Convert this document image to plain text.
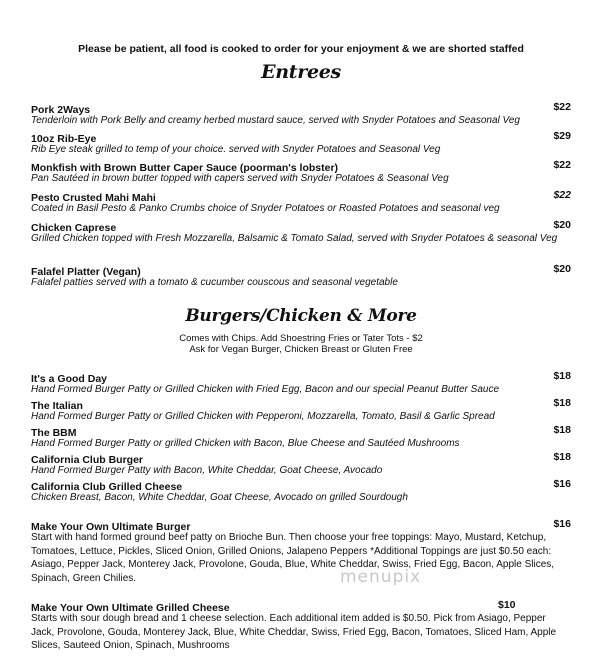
Please be patient, all food is cooked to order for your enjoyment & we are shorted staffed
Entrees
Pork 2Ways	$22
Tenderloin with Pork Belly and creamy herbed mustard sauce, served with Snyder Potatoes and Seasonal Veg
10oz Rib-Eye	$29
Rib Eye steak grilled to temp of your choice. served with Snyder Potatoes and Seasonal Veg
Monkfish with Brown Butter Caper Sauce (poorman's lobster)	$22
Pan Sautéed in brown butter topped with capers served with Snyder Potatoes & Seasonal Veg
Pesto Crusted Mahi Mahi	$22
Coated in Basil Pesto & Panko Crumbs choice of Snyder Potatoes or Roasted Potatoes and seasonal veg
Chicken Caprese	$20
Grilled Chicken topped with Fresh Mozzarella, Balsamic & Tomato Salad, served with Snyder Potatoes & seasonal Veg
Falafel Platter (Vegan)	$20
Falafel patties served with a tomato & cucumber couscous and seasonal vegetable
Burgers/Chicken & More
Comes with Chips. Add Shoestring Fries or Tater Tots - $2
Ask for Vegan Burger, Chicken Breast or Gluten Free
It's a Good Day	$18
Hand Formed Burger Patty or Grilled Chicken with Fried Egg, Bacon and our special Peanut Butter Sauce
The Italian	$18
Hand Formed Burger Patty or Grilled Chicken with Pepperoni, Mozzarella, Tomato, Basil & Garlic Spread
The BBM	$18
Hand Formed Burger Patty or grilled Chicken with Bacon, Blue Cheese and Sautéed Mushrooms
California Club Burger	$18
Hand Formed Burger Patty with Bacon, White Cheddar, Goat Cheese, Avocado
California Club Grilled Cheese	$16
Chicken Breast, Bacon, White Cheddar, Goat Cheese, Avocado on grilled Sourdough
Make Your Own Ultimate Burger	$16
Start with hand formed ground beef patty on Brioche Bun. Then choose your free toppings: Mayo, Mustard, Ketchup, Tomatoes, Lettuce, Pickles, Sliced Onion, Grilled Onions, Jalapeno Peppers *Additional Toppings are just $0.50 each: Asiago, Pepper Jack, Monterey Jack, Provolone, Gouda, Blue, White Cheddar, Swiss, Fried Egg, Bacon, Apple Slices, Spinach, Green Chilies.
Make Your Own Ultimate Grilled Cheese	$10
Starts with sour dough bread and 1 cheese selection. Each additional item added is $0.50. Pick from Asiago, Pepper Jack, Provolone, Gouda, Monterey Jack, Blue, White Cheddar, Swiss, Fried Egg, Bacon, Tomatoes, Sliced Ham, Apple Slices, Sauteed Onion, Spinach, Mushrooms
menupix
